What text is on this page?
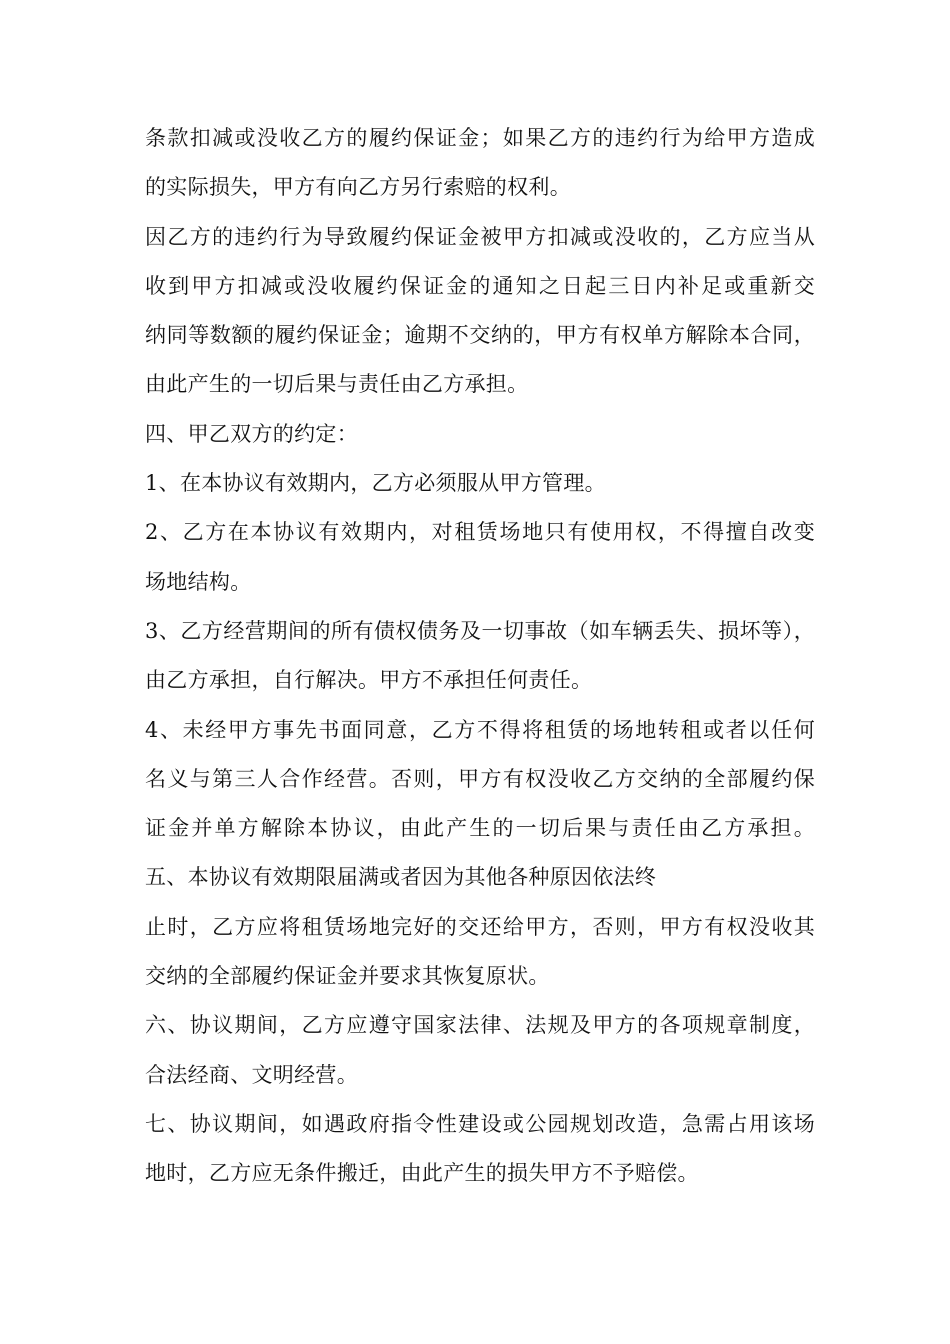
条款扣减或没收乙方的履约保证金；如果乙方的违约行为给甲方造成
的实际损失，甲方有向乙方另行索赔的权利。
因乙方的违约行为导致履约保证金被甲方扣减或没收的，乙方应当从
收到甲方扣减或没收履约保证金的通知之日起三日内补足或重新交
纳同等数额的履约保证金；逾期不交纳的，甲方有权单方解除本合同，
由此产生的一切后果与责任由乙方承担。
四、甲乙双方的约定：
1、在本协议有效期内，乙方必须服从甲方管理。
2、乙方在本协议有效期内，对租赁场地只有使用权，不得擅自改变
场地结构。
3、乙方经营期间的所有债权债务及一切事故（如车辆丢失、损坏等），
由乙方承担，自行解决。甲方不承担任何责任。
4、未经甲方事先书面同意，乙方不得将租赁的场地转租或者以任何
名义与第三人合作经营。否则，甲方有权没收乙方交纳的全部履约保
证金并单方解除本协议，由此产生的一切后果与责任由乙方承担。
五、本协议有效期限届满或者因为其他各种原因依法终
止时，乙方应将租赁场地完好的交还给甲方，否则，甲方有权没收其
交纳的全部履约保证金并要求其恢复原状。
六、协议期间，乙方应遵守国家法律、法规及甲方的各项规章制度，
合法经商、文明经营。
七、协议期间，如遇政府指令性建设或公园规划改造，急需占用该场
地时，乙方应无条件搬迁，由此产生的损失甲方不予赔偿。
